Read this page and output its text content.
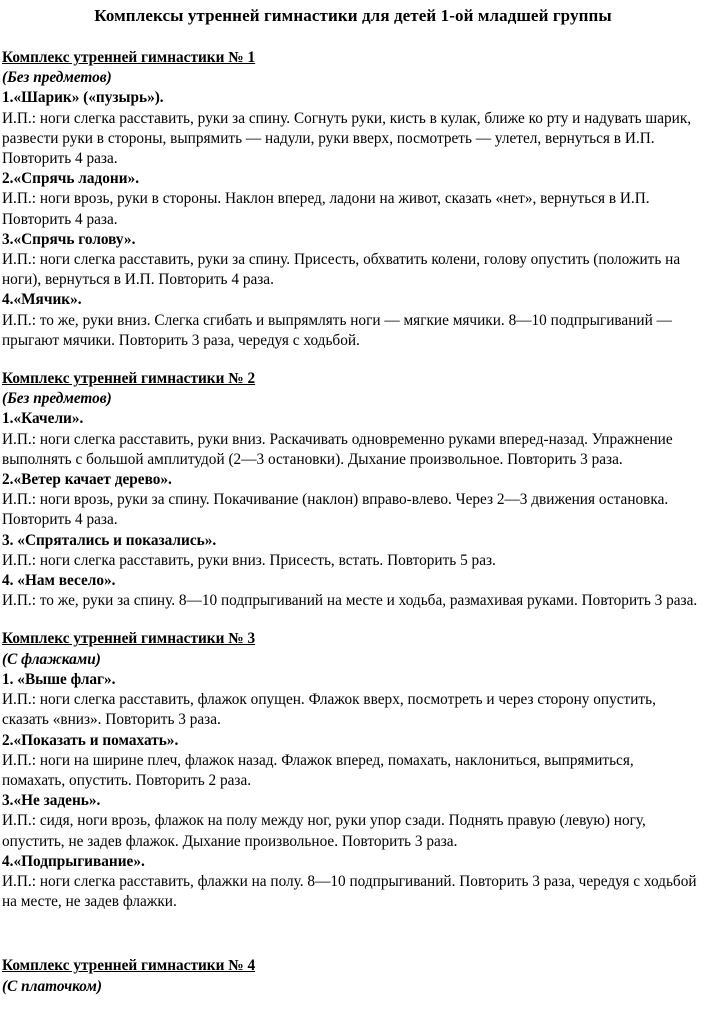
Комплексы утренней гимнастики для детей 1-ой младшей группы

Комплекс утренней гимнастики № 1

(Без предметов)

1.«Шарик» («пузырь»).

И.П.: ноги слегка расставить, руки за спину. Согнуть руки, кисть в кулак, ближе ко рту и надувать шарик, развести руки в стороны, выпрямить — надули, руки вверх, посмотреть — улетел, вернуться в И.П. Повторить 4 раза.

2.«Спрячь ладони».

И.П.: ноги врозь, руки в стороны. Наклон вперед, ладони на живот, сказать «нет», вернуться в И.П. Повторить 4 раза.

3.«Спрячь голову».

И.П.: ноги слегка расставить, руки за спину. Присесть, обхватить колени, голову опустить (положить на ноги), вернуться в И.П. Повторить 4 раза.

4.«Мячик».

И.П.: то же, руки вниз. Слегка сгибать и выпрямлять ноги — мягкие мячики. 8—10 подпрыгиваний — прыгают мячики. Повторить 3 раза, чередуя с ходьбой.

Комплекс утренней гимнастики № 2

(Без предметов)

1.«Качели».

И.П.: ноги слегка расставить, руки вниз. Раскачивать одновременно руками вперед-назад. Упражнение выполнять с большой амплитудой (2—3 остановки). Дыхание произвольное. Повторить 3 раза.

2.«Ветер качает дерево».

И.П.: ноги врозь, руки за спину. Покачивание (наклон) вправо-влево. Через 2—3 движения остановка. Повторить 4 раза.

3. «Спрятались и показались».

И.П.: ноги слегка расставить, руки вниз. Присесть, встать. Повторить 5 раз.

4. «Нам весело».

И.П.: то же, руки за спину. 8—10 подпрыгиваний на месте и ходьба, размахивая руками. Повторить 3 раза.

Комплекс утренней гимнастики № 3

(С флажками)

1. «Выше флаг».

И.П.: ноги слегка расставить, флажок опущен. Флажок вверх, посмотреть и через сторону опустить, сказать «вниз». Повторить 3 раза.

2.«Показать и помахать».

И.П.: ноги на ширине плеч, флажок назад. Флажок вперед, помахать, наклониться, выпрямиться, помахать, опустить. Повторить 2 раза.

3.«Не задень».

И.П.: сидя, ноги врозь, флажок на полу между ног, руки упор сзади. Поднять правую (левую) ногу, опустить, не задев флажок. Дыхание произвольное. Повторить 3 раза.

4.«Подпрыгивание».

И.П.: ноги слегка расставить, флажки на полу. 8—10 подпрыгиваний. Повторить 3 раза, чередуя с ходьбой на месте, не задев флажки.

Комплекс утренней гимнастики № 4

(С платочком)
